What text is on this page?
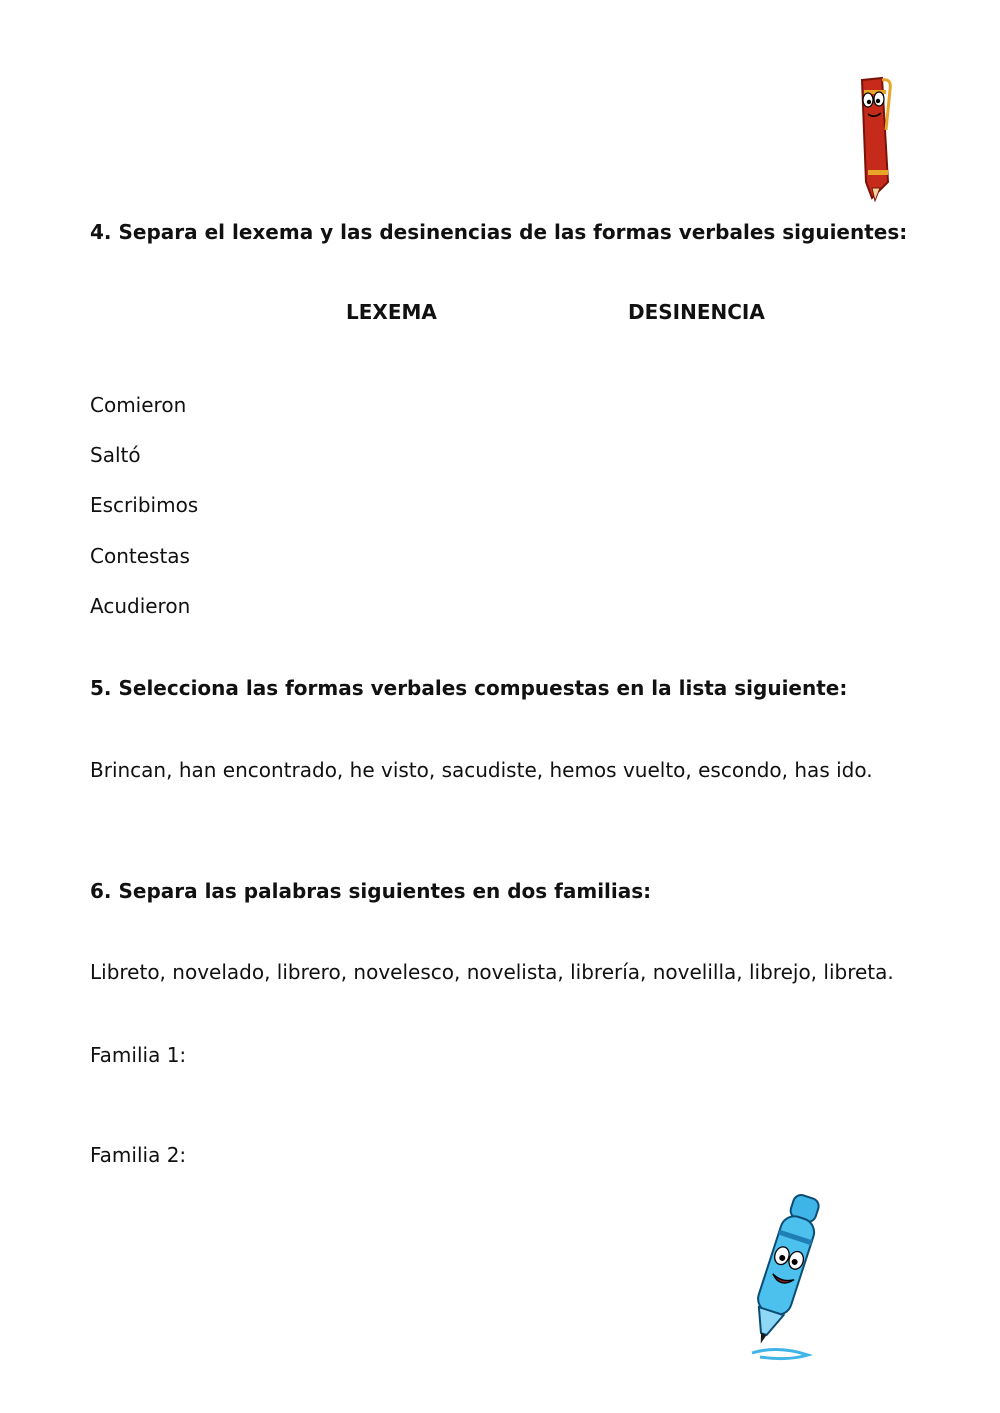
4. Separa el lexema y las desinencias de las formas verbales siguientes:
LEXEMA	DESINENCIA
Comieron
Saltó
Escribimos
Contestas
Acudieron
5. Selecciona las formas verbales compuestas en la lista siguiente:
Brincan, han encontrado, he visto, sacudiste, hemos vuelto, escondo, has ido.
6. Separa las palabras siguientes en dos familias:
Libreto, novelado, librero, novelesco, novelista, librería, novelilla, librejo, libreta.
Familia 1:
Familia 2:
